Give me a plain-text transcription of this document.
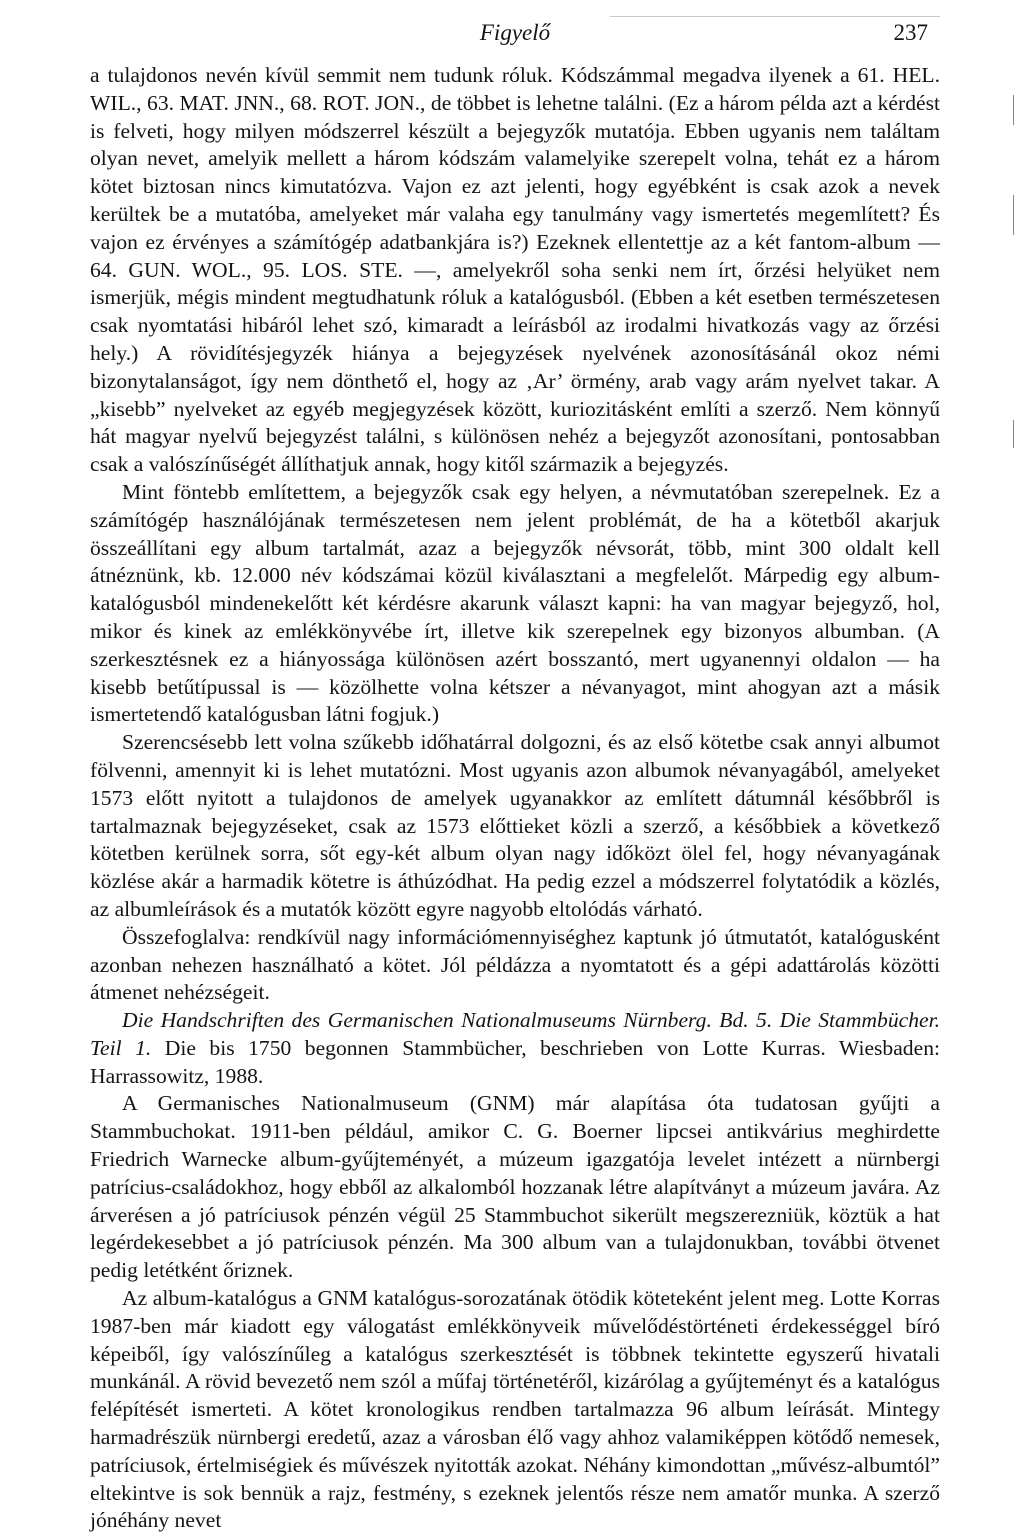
Figyelő	237

a tulajdonos nevén kívül semmit nem tudunk róluk. Kódszámmal megadva ilyenek a 61. HEL. WIL., 63. MAT. JNN., 68. ROT. JON., de többet is lehetne találni. (Ez a három példa azt a kérdést is felveti, hogy milyen módszerrel készült a bejegyzők mutatója. Ebben ugyanis nem találtam olyan nevet, amelyik mellett a három kódszám valamelyike szerepelt volna, tehát ez a három kötet biztosan nincs kimutatózva. Vajon ez azt jelenti, hogy egyébként is csak azok a nevek kerültek be a mutatóba, amelyeket már valaha egy tanulmány vagy ismertetés megemlített? És vajon ez érvényes a számítógép adatbankjára is?) Ezeknek ellentettje az a két fantom-album — 64. GUN. WOL., 95. LOS. STE. —, amelyekről soha senki nem írt, őrzési helyüket nem ismerjük, mégis mindent megtudhatunk róluk a katalógusból. (Ebben a két esetben természetesen csak nyomtatási hibáról lehet szó, kimaradt a leírásból az irodalmi hivatkozás vagy az őrzési hely.) A rövidítésjegyzék hiánya a bejegyzések nyelvének azonosításánál okoz némi bizonytalanságot, így nem dönthető el, hogy az ‚Ar’ örmény, arab vagy arám nyelvet takar. A „kisebb” nyelveket az egyéb megjegyzések között, kuriozitásként említi a szerző. Nem könnyű hát magyar nyelvű bejegyzést találni, s különösen nehéz a bejegyzőt azonosítani, pontosabban csak a valószínűségét állíthatjuk annak, hogy kitől származik a bejegyzés.

Mint föntebb említettem, a bejegyzők csak egy helyen, a névmutatóban szerepelnek. Ez a számítógép használójának természetesen nem jelent problémát, de ha a kötetből akarjuk összeállítani egy album tartalmát, azaz a bejegyzők névsorát, több, mint 300 oldalt kell átnéznünk, kb. 12.000 név kódszámai közül kiválasztani a megfelelőt. Márpedig egy album-katalógusból mindenekelőtt két kérdésre akarunk választ kapni: ha van magyar bejegyző, hol, mikor és kinek az emlékkönyvébe írt, illetve kik szerepelnek egy bizonyos albumban. (A szerkesztésnek ez a hiányossága különösen azért bosszantó, mert ugyanennyi oldalon — ha kisebb betűtípussal is — közölhette volna kétszer a névanyagot, mint ahogyan azt a másik ismertetendő katalógusban látni fogjuk.)

Szerencsésebb lett volna szűkebb időhatárral dolgozni, és az első kötetbe csak annyi albumot fölvenni, amennyit ki is lehet mutatózni. Most ugyanis azon albumok névanyagából, amelyeket 1573 előtt nyitott a tulajdonos de amelyek ugyanakkor az említett dátumnál későbbről is tartalmaznak bejegyzéseket, csak az 1573 előttieket közli a szerző, a későbbiek a következő kötetben kerülnek sorra, sőt egy-két album olyan nagy időközt ölel fel, hogy névanyagának közlése akár a harmadik kötetre is áthúzódhat. Ha pedig ezzel a módszerrel folytatódik a közlés, az albumleírások és a mutatók között egyre nagyobb eltolódás várható.

Összefoglalva: rendkívül nagy információmennyiséghez kaptunk jó útmutatót, katalógusként azonban nehezen használható a kötet. Jól példázza a nyomtatott és a gépi adattárolás közötti átmenet nehézségeit.

Die Handschriften des Germanischen Nationalmuseums Nürnberg. Bd. 5. Die Stammbücher. Teil 1. Die bis 1750 begonnen Stammbücher, beschrieben von Lotte Kurras. Wiesbaden: Harrassowitz, 1988.

A Germanisches Nationalmuseum (GNM) már alapítása óta tudatosan gyűjti a Stammbuchokat. 1911-ben például, amikor C. G. Boerner lipcsei antikvárius meghirdette Friedrich Warnecke album-gyűjteményét, a múzeum igazgatója levelet intézett a nürnbergi patrícius-családokhoz, hogy ebből az alkalomból hozzanak létre alapítványt a múzeum javára. Az árverésen a jó patríciusok pénzén végül 25 Stammbuchot sikerült megszerezniük, köztük a hat legérdekesebbet a jó patríciusok pénzén. Ma 300 album van a tulajdonukban, további ötvenet pedig letétként őriznek.

Az album-katalógus a GNM katalógus-sorozatának ötödik köteteként jelent meg. Lotte Korras 1987-ben már kiadott egy válogatást emlékkönyveik művelődéstörténeti érdekességgel bíró képeiből, így valószínűleg a katalógus szerkesztését is többnek tekintette egyszerű hivatali munkánál. A rövid bevezető nem szól a műfaj történetéről, kizárólag a gyűjteményt és a katalógus felépítését ismerteti. A kötet kronologikus rendben tartalmazza 96 album leírását. Mintegy harmadrészük nürnbergi eredetű, azaz a városban élő vagy ahhoz valamiképpen kötődő nemesek, patríciusok, értelmiségiek és művészek nyitották azokat. Néhány kimondottan „művész-albumtól” eltekintve is sok bennük a rajz, festmény, s ezeknek jelentős része nem amatőr munka. A szerző jónéhány nevet
